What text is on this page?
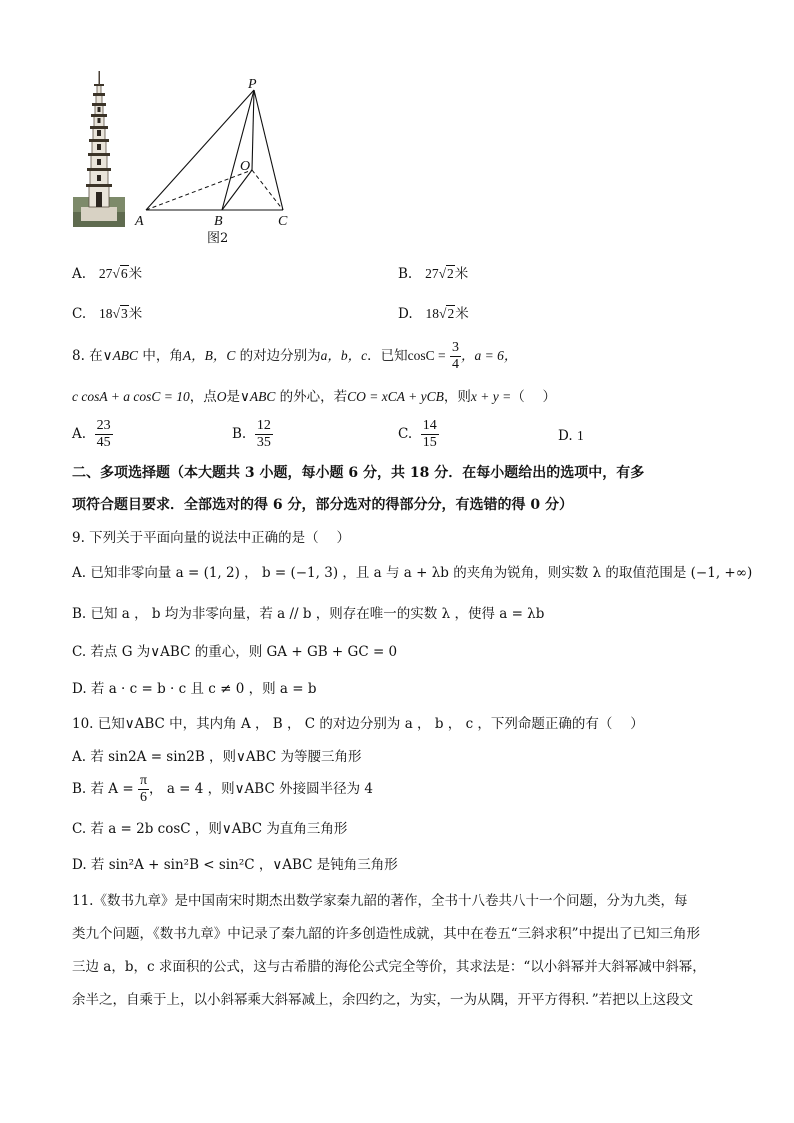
P
O
A	B	C
图2
A. 27√6米	B. 27√2米
C. 18√3米	D. 18√2米
8. 在∨ABC 中，角A，B，C 的对边分别为a，b，c．已知$\cos C = \frac{3}{4}$ ，a = 6，
c cosA + a cosC = 10，点O是∨ABC 的外心，若CO = xCA + yCB，则x + y =（　 ）
A. $\frac{23}{45}$	B. $\frac{12}{35}$	C. $\frac{14}{15}$	D. 1
二、多项选择题（本大题共 3 小题，每小题 6 分，共 18 分．在每小题给出的选项中，有多
项符合题目要求．全部选对的得 6 分，部分选对的得部分分，有选错的得 0 分）
9. 下列关于平面向量的说法中正确的是（　 ）
A. 已知非零向量 a = (1, 2) ， b = (−1, 3) ，且 a 与 a + λb 的夹角为锐角，则实数 λ 的取值范围是 (−1, +∞)
B. 已知 a ， b 均为非零向量，若 a // b ，则存在唯一的实数 λ ，使得 a = λb
C. 若点 G 为∨ABC 的重心，则 GA + GB + GC = 0
D. 若 a · c = b · c 且 c ≠ 0 ，则 a = b
10. 已知∨ABC 中，其内角 A ， B ， C 的对边分别为 a ， b ， c ，下列命题正确的有（　 ）
A. 若 sin2A = sin2B ，则∨ABC 为等腰三角形
B. 若 $A = \frac{\pi}{6}$ ， a = 4 ，则∨ABC 外接圆半径为 4
C. 若 a = 2b cosC ，则∨ABC 为直角三角形
D. 若 sin²A + sin²B < sin²C ，∨ABC 是钝角三角形
11.《数书九章》是中国南宋时期杰出数学家秦九韶的著作，全书十八卷共八十一个问题，分为九类，每
类九个问题，《数书九章》中记录了秦九韶的许多创造性成就，其中在卷五“三斜求积”中提出了已知三角形
三边 a，b，c 求面积的公式，这与古希腊的海伦公式完全等价，其求法是：“以小斜幂并大斜幂减中斜幂，
余半之，自乘于上，以小斜幂乘大斜幂减上，余四约之，为实，一为从隅，开平方得积．”若把以上这段文
